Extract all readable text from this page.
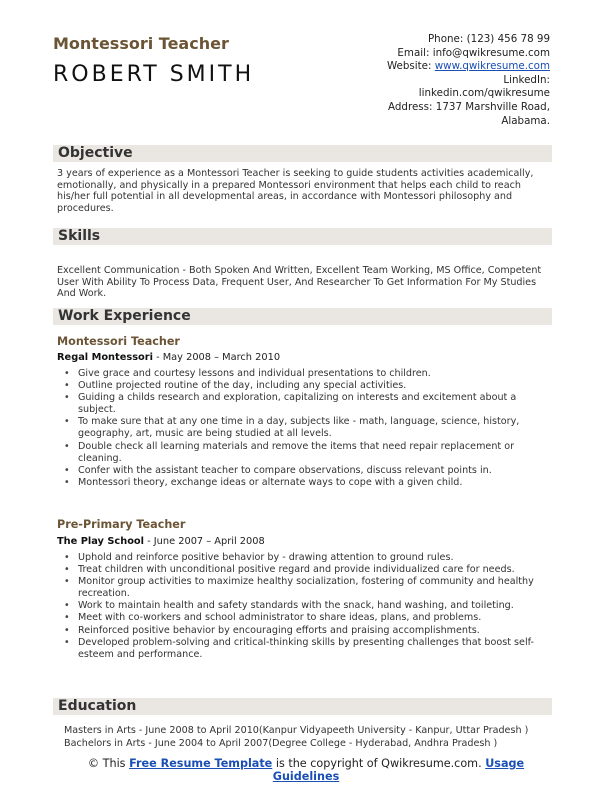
Montessori Teacher
ROBERT SMITH
Phone: (123) 456 78 99
Email: info@qwikresume.com
Website: www.qwikresume.com
LinkedIn:
linkedin.com/qwikresume
Address: 1737 Marshville Road,
Alabama.
Objective
3 years of experience as a Montessori Teacher is seeking to guide students activities academically, emotionally, and physically in a prepared Montessori environment that helps each child to reach his/her full potential in all developmental areas, in accordance with Montessori philosophy and procedures.
Skills
Excellent Communication - Both Spoken And Written, Excellent Team Working, MS Office, Competent User With Ability To Process Data, Frequent User, And Researcher To Get Information For My Studies And Work.
Work Experience
Montessori Teacher
Regal Montessori - May 2008 – March 2010
• Give grace and courtesy lessons and individual presentations to children.
• Outline projected routine of the day, including any special activities.
• Guiding a childs research and exploration, capitalizing on interests and excitement about a subject.
• To make sure that at any one time in a day, subjects like - math, language, science, history, geography, art, music are being studied at all levels.
• Double check all learning materials and remove the items that need repair replacement or cleaning.
• Confer with the assistant teacher to compare observations, discuss relevant points in.
• Montessori theory, exchange ideas or alternate ways to cope with a given child.
Pre-Primary Teacher
The Play School - June 2007 – April 2008
• Uphold and reinforce positive behavior by - drawing attention to ground rules.
• Treat children with unconditional positive regard and provide individualized care for needs.
• Monitor group activities to maximize healthy socialization, fostering of community and healthy recreation.
• Work to maintain health and safety standards with the snack, hand washing, and toileting.
• Meet with co-workers and school administrator to share ideas, plans, and problems.
• Reinforced positive behavior by encouraging efforts and praising accomplishments.
• Developed problem-solving and critical-thinking skills by presenting challenges that boost self-esteem and performance.
Education
Masters in Arts - June 2008 to April 2010(Kanpur Vidyapeeth University - Kanpur, Uttar Pradesh )
Bachelors in Arts - June 2004 to April 2007(Degree College - Hyderabad, Andhra Pradesh )
© This Free Resume Template is the copyright of Qwikresume.com. Usage
Guidelines
